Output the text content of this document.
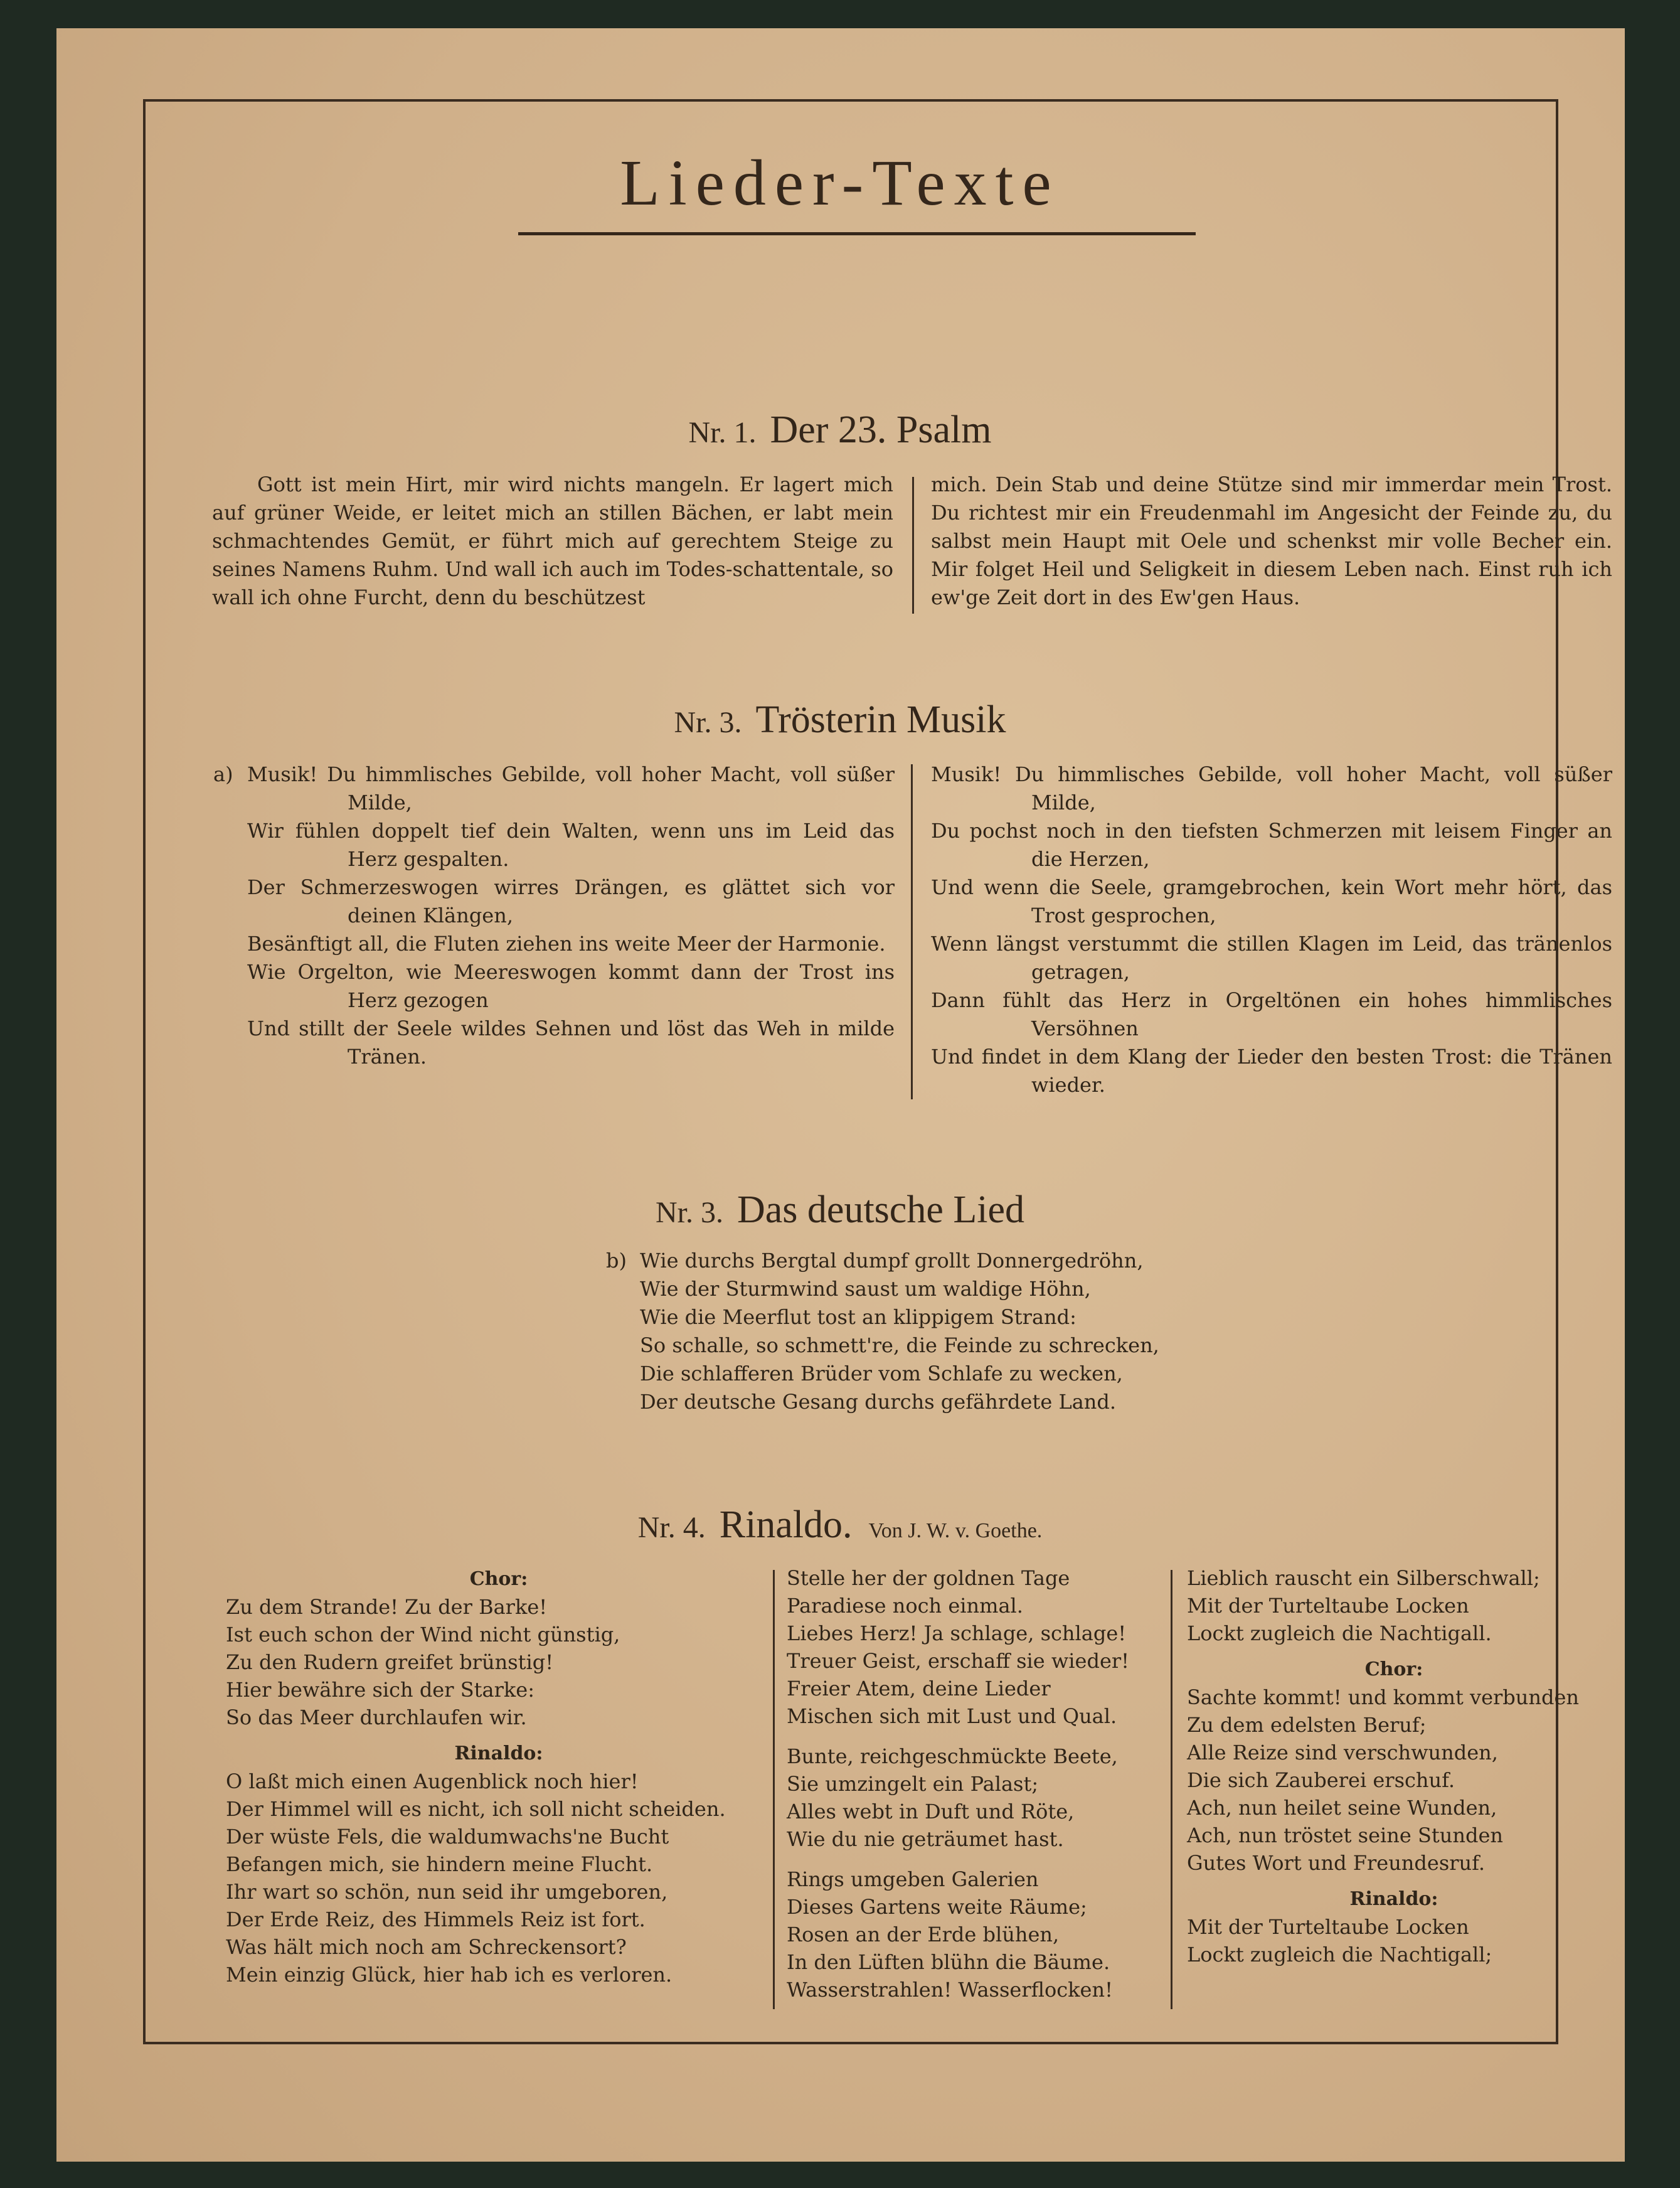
Lieder-Texte
Nr. 1. Der 23. Psalm

Gott ist mein Hirt, mir wird nichts mangeln. Er lagert mich auf grüner Weide, er leitet mich an stillen Bächen, er labt mein schmachtendes Gemüt, er führt mich auf gerechtem Steige zu seines Namens Ruhm. Und wall ich auch im Todes-schattentale, so wall ich ohne Furcht, denn du beschützest

mich. Dein Stab und deine Stütze sind mir immerdar mein Trost. Du richtest mir ein Freudenmahl im Angesicht der Feinde zu, du salbst mein Haupt mit Oele und schenkst mir volle Becher ein. Mir folget Heil und Seligkeit in diesem Leben nach. Einst ruh ich ew'ge Zeit dort in des Ew'gen Haus.

Nr. 3. Trösterin Musik
a) Musik! Du himmlisches Gebilde, voll hoher Macht, voll süßer Milde,

Wir fühlen doppelt tief dein Walten, wenn uns im Leid das Herz gespalten.

Der Schmerzeswogen wirres Drängen, es glättet sich vor deinen Klängen,

Besänftigt all, die Fluten ziehen ins weite Meer der Harmonie.

Wie Orgelton, wie Meereswogen kommt dann der Trost ins Herz gezogen

Und stillt der Seele wildes Sehnen und löst das Weh in milde Tränen.

Musik! Du himmlisches Gebilde, voll hoher Macht, voll süßer Milde,

Du pochst noch in den tiefsten Schmerzen mit leisem Finger an die Herzen,

Und wenn die Seele, gramgebrochen, kein Wort mehr hört, das Trost gesprochen,

Wenn längst verstummt die stillen Klagen im Leid, das tränenlos getragen,

Dann fühlt das Herz in Orgeltönen ein hohes himmlisches Versöhnen

Und findet in dem Klang der Lieder den besten Trost: die Tränen wieder.

Nr. 3. Das deutsche Lied
b) Wie durchs Bergtal dumpf grollt Donnergedröhn,
Wie der Sturmwind saust um waldige Höhn,
Wie die Meerflut tost an klippigem Strand:
So schalle, so schmett're, die Feinde zu schrecken,
Die schlafferen Brüder vom Schlafe zu wecken,
Der deutsche Gesang durchs gefährdete Land.
Nr. 4. Rinaldo. Von J. W. v. Goethe.
Chor:
Zu dem Strande! Zu der Barke!
Ist euch schon der Wind nicht günstig,
Zu den Rudern greifet brünstig!
Hier bewähre sich der Starke:
So das Meer durchlaufen wir.
Rinaldo:
O laßt mich einen Augenblick noch hier!
Der Himmel will es nicht, ich soll nicht scheiden.
Der wüste Fels, die waldumwachs'ne Bucht
Befangen mich, sie hindern meine Flucht.
Ihr wart so schön, nun seid ihr umgeboren,
Der Erde Reiz, des Himmels Reiz ist fort.
Was hält mich noch am Schreckensort?
Mein einzig Glück, hier hab ich es verloren.
Stelle her der goldnen Tage
Paradiese noch einmal.
Liebes Herz! Ja schlage, schlage!
Treuer Geist, erschaff sie wieder!
Freier Atem, deine Lieder
Mischen sich mit Lust und Qual.
Bunte, reichgeschmückte Beete,
Sie umzingelt ein Palast;
Alles webt in Duft und Röte,
Wie du nie geträumet hast.
Rings umgeben Galerien
Dieses Gartens weite Räume;
Rosen an der Erde blühen,
In den Lüften blühn die Bäume.
Wasserstrahlen! Wasserflocken!
Lieblich rauscht ein Silberschwall;
Mit der Turteltaube Locken
Lockt zugleich die Nachtigall.
Chor:
Sachte kommt! und kommt verbunden
Zu dem edelsten Beruf;
Alle Reize sind verschwunden,
Die sich Zauberei erschuf.
Ach, nun heilet seine Wunden,
Ach, nun tröstet seine Stunden
Gutes Wort und Freundesruf.
Rinaldo:
Mit der Turteltaube Locken
Lockt zugleich die Nachtigall;
